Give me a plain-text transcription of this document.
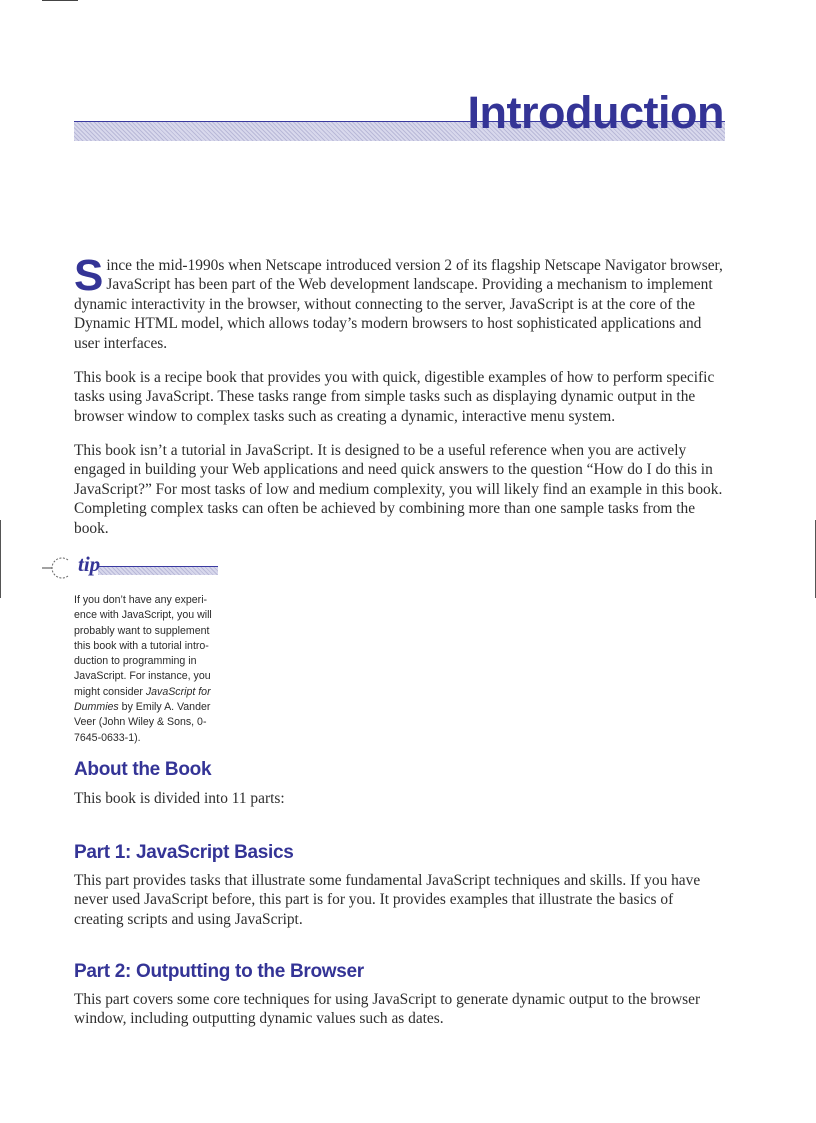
Introduction

Since the mid-1990s when Netscape introduced version 2 of its flagship Netscape Navigator browser, JavaScript has been part of the Web development landscape. Providing a mechanism to implement dynamic interactivity in the browser, without connecting to the server, JavaScript is at the core of the Dynamic HTML model, which allows today’s modern browsers to host sophisticated applications and user interfaces.

This book is a recipe book that provides you with quick, digestible examples of how to perform specific tasks using JavaScript. These tasks range from simple tasks such as displaying dynamic output in the browser window to complex tasks such as creating a dynamic, interactive menu system.

This book isn’t a tutorial in JavaScript. It is designed to be a useful reference when you are actively engaged in building your Web applications and need quick answers to the question “How do I do this in JavaScript?” For most tasks of low and medium complexity, you will likely find an example in this book. Completing complex tasks can often be achieved by combining more than one sample tasks from the book.

tip
If you don’t have any experi-ence with JavaScript, you will probably want to supplement this book with a tutorial intro-duction to programming in JavaScript. For instance, you might consider JavaScript for Dummies by Emily A. Vander Veer (John Wiley & Sons, 0-7645-0633-1).
About the Book

This book is divided into 11 parts:

Part 1: JavaScript Basics

This part provides tasks that illustrate some fundamental JavaScript techniques and skills. If you have never used JavaScript before, this part is for you. It provides examples that illustrate the basics of creating scripts and using JavaScript.

Part 2: Outputting to the Browser

This part covers some core techniques for using JavaScript to generate dynamic output to the browser window, including outputting dynamic values such as dates.
